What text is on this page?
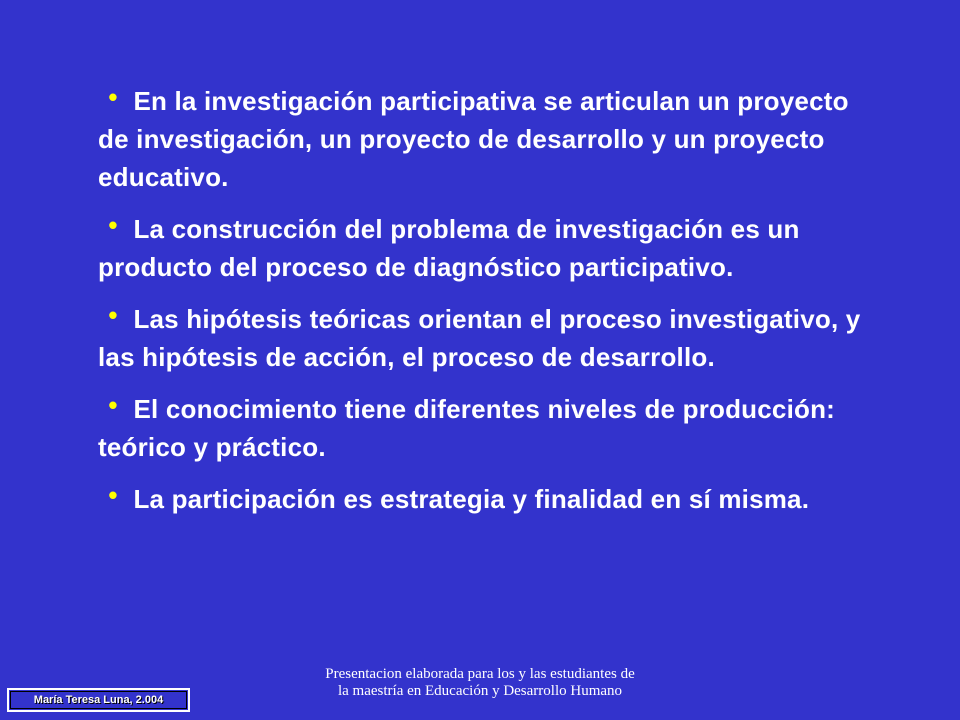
• En la investigación participativa se articulan un proyecto de investigación, un proyecto de desarrollo y un proyecto educativo.
• La construcción del problema de investigación es un producto del proceso de diagnóstico participativo.
• Las hipótesis teóricas orientan el proceso investigativo, y las hipótesis de acción, el proceso de desarrollo.
• El conocimiento tiene diferentes niveles de producción: teórico y práctico.
• La participación es estrategia y finalidad en sí misma.
Presentacion elaborada para los y las estudiantes de la maestría en Educación y Desarrollo Humano
María Teresa Luna, 2.004
